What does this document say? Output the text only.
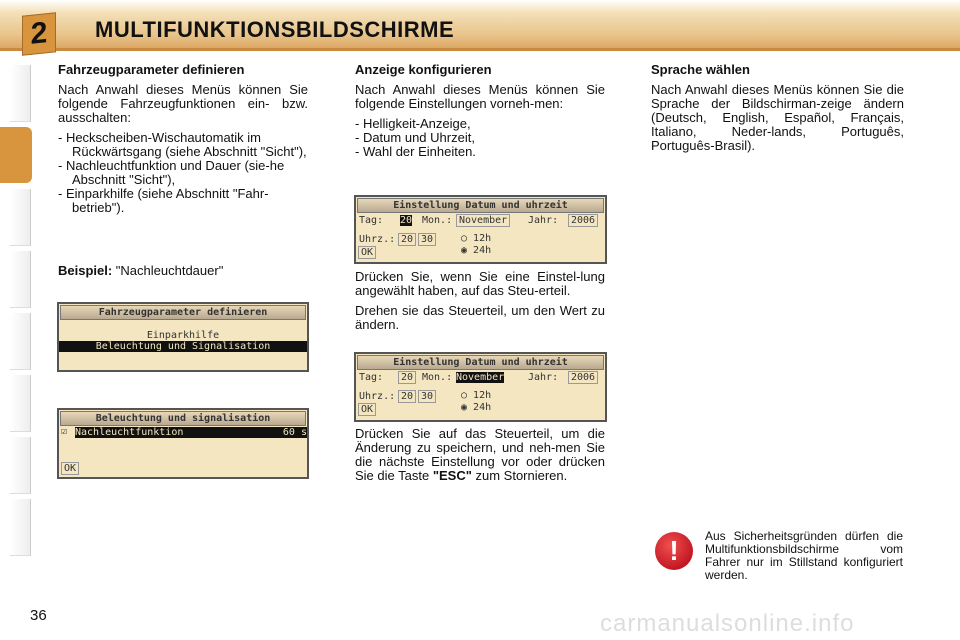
2	MULTIFUNKTIONSBILDSCHIRME
Fahrzeugparameter definieren

Nach Anwahl dieses Menüs können Sie folgende Fahrzeugfunktionen ein- bzw. ausschalten:

- Heckscheiben-Wischautomatik im Rückwärtsgang (siehe Abschnitt "Sicht"),
- Nachleuchtfunktion und Dauer (sie-he Abschnitt "Sicht"),
- Einparkhilfe (siehe Abschnitt "Fahr-betrieb").
Beispiel: "Nachleuchtdauer"
Fahrzeugparameter definieren
Einparkhilfe
Beleuchtung und Signalisation
Beleuchtung und signalisation
Nachleuchtfunktion	60 s
☑
OK
Anzeige konfigurieren

Nach Anwahl dieses Menüs können Sie folgende Einstellungen vorneh-men:

- Helligkeit-Anzeige,
- Datum und Uhrzeit,
- Wahl der Einheiten.
Einstellung Datum und uhrzeit
Tag: 20 Mon.: November	Jahr:	2006
Uhrz.: 20 30	○ 12h
◉ 24h
OK

Drücken Sie, wenn Sie eine Einstel-lung angewählt haben, auf das Steu-erteil.

Drehen sie das Steuerteil, um den Wert zu ändern.

Einstellung Datum und uhrzeit
Tag:	20 Mon.: November Jahr:	2006
Uhrz.: 20 30	○ 12h
◉ 24h
OK

Drücken Sie auf das Steuerteil, um die Änderung zu speichern, und neh-men Sie die nächste Einstellung vor oder drücken Sie die Taste "ESC" zum Stornieren.

Sprache wählen

Nach Anwahl dieses Menüs können Sie die Sprache der Bildschirman-zeige ändern (Deutsch, English, Español, Français, Italiano, Neder-lands, Português, Português-Brasil).

!	Aus Sicherheitsgründen dürfen die Multifunktionsbildschirme vom Fahrer nur im Stillstand konfiguriert werden.
36	carmanualsonline.info
